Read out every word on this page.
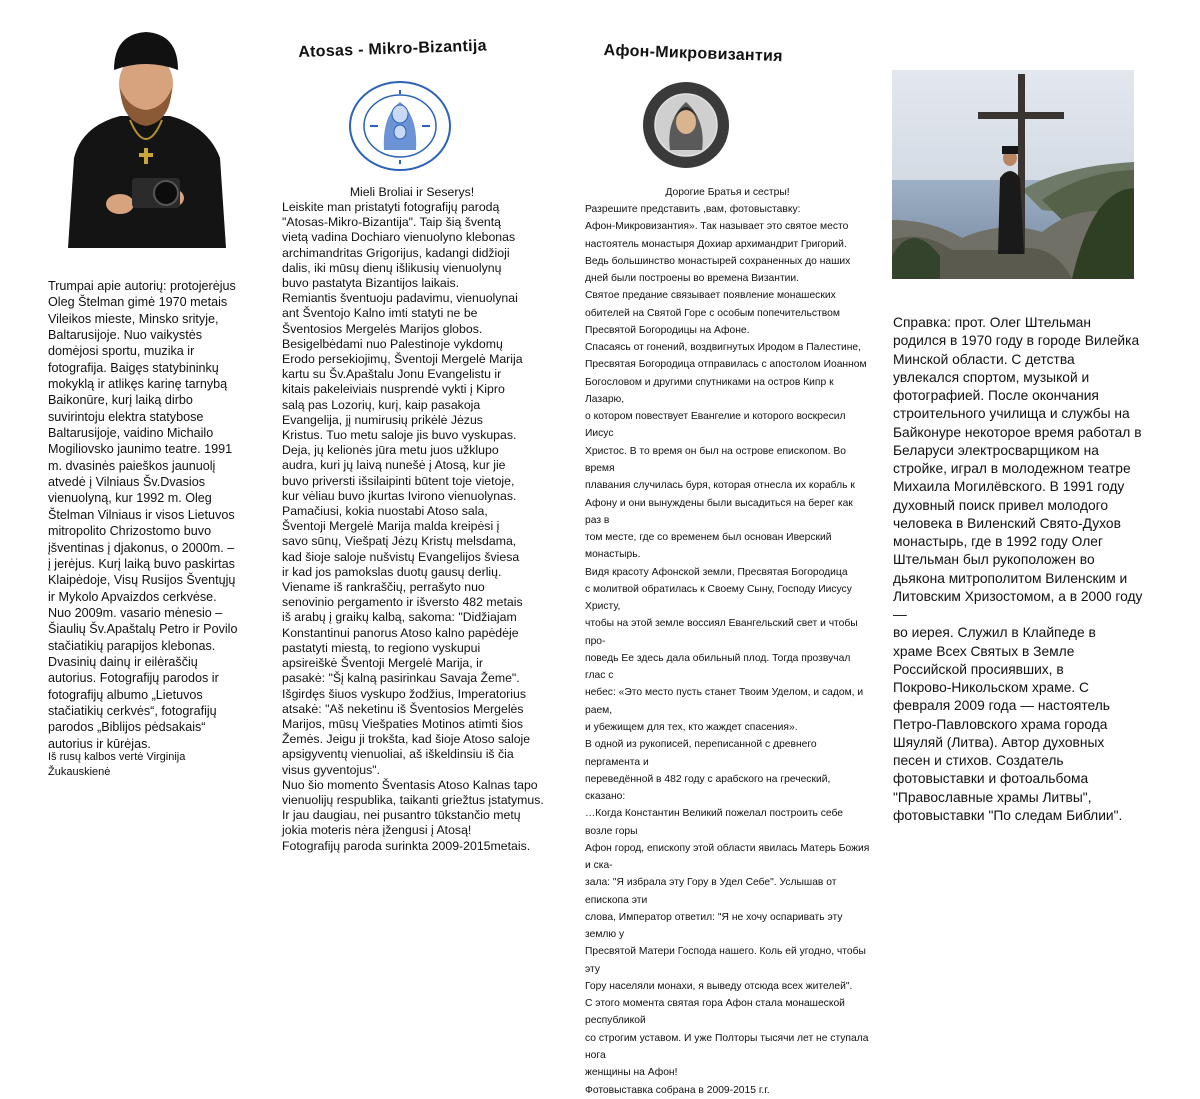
Atosas - Mikro-Bizantija	Афон-Микровизантия
Trumpai apie autorių: protojerėjus
Oleg Štelman gimė 1970 metais
Vileikos mieste, Minsko srityje,
Baltarusijoje. Nuo vaikystės
domėjosi sportu, muzika ir
fotografija. Baigęs statybininkų
mokyklą ir atlikęs karinę tarnybą
Baikonūre, kurį laiką dirbo
suvirintoju elektra statybose
Baltarusijoje, vaidino Michailo
Mogiliovsko jaunimo teatre. 1991
m. dvasinės paieškos jaunuolį
atvedė į Vilniaus Šv.Dvasios
vienuolyną, kur 1992 m. Oleg
Štelman Vilniaus ir visos Lietuvos
mitropolito Chrizostomo buvo
įšventinas į djakonus, o 2000m. –
į jerėjus. Kurį laiką buvo paskirtas
Klaipėdoje, Visų Rusijos Šventųjų
ir Mykolo Apvaizdos cerkvėse.
Nuo 2009m. vasario mėnesio –
Šiaulių Šv.Apaštalų Petro ir Povilo
stačiatikių parapijos klebonas.
Dvasinių dainų ir eilėraščių
autorius. Fotografijų parodos ir
fotografijų albumo „Lietuvos
stačiatikių cerkvės“, fotografijų
parodos „Biblijos pėdsakais“
autorius ir kūrėjas.
Iš rusų kalbos vertė Virginija
Žukauskienė
Mieli Broliai ir Seserys!
Leiskite man pristatyti fotografijų parodą
"Atosas-Mikro-Bizantija". Taip šią šventą
vietą vadina Dochiaro vienuolyno klebonas
archimandritas Grigorijus, kadangi didžioji
dalis, iki mūsų dienų išlikusių vienuolynų
buvo pastatyta Bizantijos laikais.
Remiantis šventuoju padavimu, vienuolynai
ant Šventojo Kalno imti statyti ne be
Šventosios Mergelės Marijos globos.
Besigelbėdami nuo Palestinoje vykdomų
Erodo persekiojimų, Šventoji Mergelė Marija
kartu su Šv.Apaštalu Jonu Evangelistu ir
kitais pakeleiviais nusprendė vykti į Kipro
salą pas Lozorių, kurį, kaip pasakoja
Evangelija, jį numirusių prikėlė Jėzus
Kristus. Tuo metu saloje jis buvo vyskupas.
Deja, jų kelionės jūra metu juos užklupo
audra, kuri jų laivą nunešė į Atosą, kur jie
buvo priversti išsilaipinti būtent toje vietoje,
kur vėliau buvo įkurtas Ivirono vienuolynas.
Pamačiusi, kokia nuostabi Atoso sala,
Šventoji Mergelė Marija malda kreipėsi į
savo sūnų, Viešpatį Jėzų Kristų melsdama,
kad šioje saloje nušvistų Evangelijos šviesa
ir kad jos pamokslas duotų gausų derlių.
Viename iš rankraščių, perrašyto nuo
senovinio pergamento ir išversto 482 metais
iš arabų į graikų kalbą, sakoma: "Didžiajam
Konstantinui panorus Atoso kalno papėdėje
pastatyti miestą, to regiono vyskupui
apsireiškė Šventoji Mergelė Marija, ir
pasakė: "Šį kalną pasirinkau Savaja Žeme".
Išgirdęs šiuos vyskupo žodžius, Imperatorius
atsakė: "Aš neketinu iš Šventosios Mergelės
Marijos, mūsų Viešpaties Motinos atimti šios
Žemės. Jeigu ji trokšta, kad šioje Atoso saloje
apsigyventų vienuoliai, aš iškeldinsiu iš čia
visus gyventojus".
Nuo šio momento Šventasis Atoso Kalnas tapo
vienuolijų respublika, taikanti griežtus įstatymus.
Ir jau daugiau, nei pusantro tūkstančio metų
jokia moteris nėra įžengusi į Atosą!
Fotografijų paroda surinkta 2009-2015metais.
Дорогие Братья и сестры!
Разрешите представить ,вам, фотовыставку:
Афон-Микровизантия». Так называет это святое место
настоятель монастыря Дохиар архимандрит Григорий.
Ведь большинство монастырей сохраненных до наших
дней были построены во времена Византии.
Святое предание связывает появление монашеских
обителей на Святой Горе с особым попечительством
Пресвятой Богородицы на Афоне.
Спасаясь от гонений, воздвигнутых Иродом в Палестине,
Пресвятая Богородица отправилась с апостолом Иоанном
Богословом и другими спутниками на остров Кипр к Лазарю,
о котором повествует Евангелие и которого воскресил Иисус
Христос. В то время он был на острове епископом. Во время
плавания случилась буря, которая отнесла их корабль к
Афону и они вынуждены были высадиться на берег как раз в
том месте, где со временем был основан Иверский монастырь.
Видя красоту Афонской земли, Пресвятая Богородица
с молитвой обратилась к Своему Сыну, Господу Иисусу Христу,
чтобы на этой земле воссиял Евангельский свет и чтобы про-
поведь Ее здесь дала обильный плод. Тогда прозвучал глас с
небес: «Это место пусть станет Твоим Уделом, и садом, и раем,
и убежищем для тех, кто жаждет спасения».
В одной из рукописей, переписанной с древнего пергамента и
переведённой в 482 году с арабского на греческий, сказано:
…Когда Константин Великий пожелал построить себе возле горы
Афон город, епископу этой области явилась Матерь Божия и ска-
зала: "Я избрала эту Гору в Удел Себе". Услышав от епископа эти
слова, Император ответил: "Я не хочу оспаривать эту землю у
Пресвятой Матери Господа нашего. Коль ей угодно, чтобы эту
Гору населяли монахи, я выведу отсюда всех жителей".
С этого момента святая гора Афон стала монашеской республикой
со строгим уставом. И уже Полторы тысячи лет не ступала нога
женщины на Афон!
Фотовыставка собрана в 2009-2015 г.г.
Справка: прот. Олег Штельман
родился в 1970 году в городе Вилейка
Минской области. С детства
увлекался спортом, музыкой и
фотографией. После окончания
строительного училища и службы на
Байконуре некоторое время работал в
Беларуси электросварщиком на
стройке, играл в молодежном театре
Михаила Могилёвского. В 1991 году
духовный поиск привел молодого
человека в Виленский Свято-Духов
монастырь, где в 1992 году Олег
Штельман был рукоположен во
дьякона митрополитом Виленским и
Литовским Хризостомом, а в 2000 году —
во иерея. Служил в Клайпеде в
храме Всех Святых в Земле
Российской просиявших, в
Покрово-Никольском храме. С
февраля 2009 года — настоятель
Петро-Павловского храма города
Шяуляй (Литва). Автор духовных
песен и стихов. Создатель
фотовыставки и фотоальбома
"Православные храмы Литвы",
фотовыставки "По следам Библии".
